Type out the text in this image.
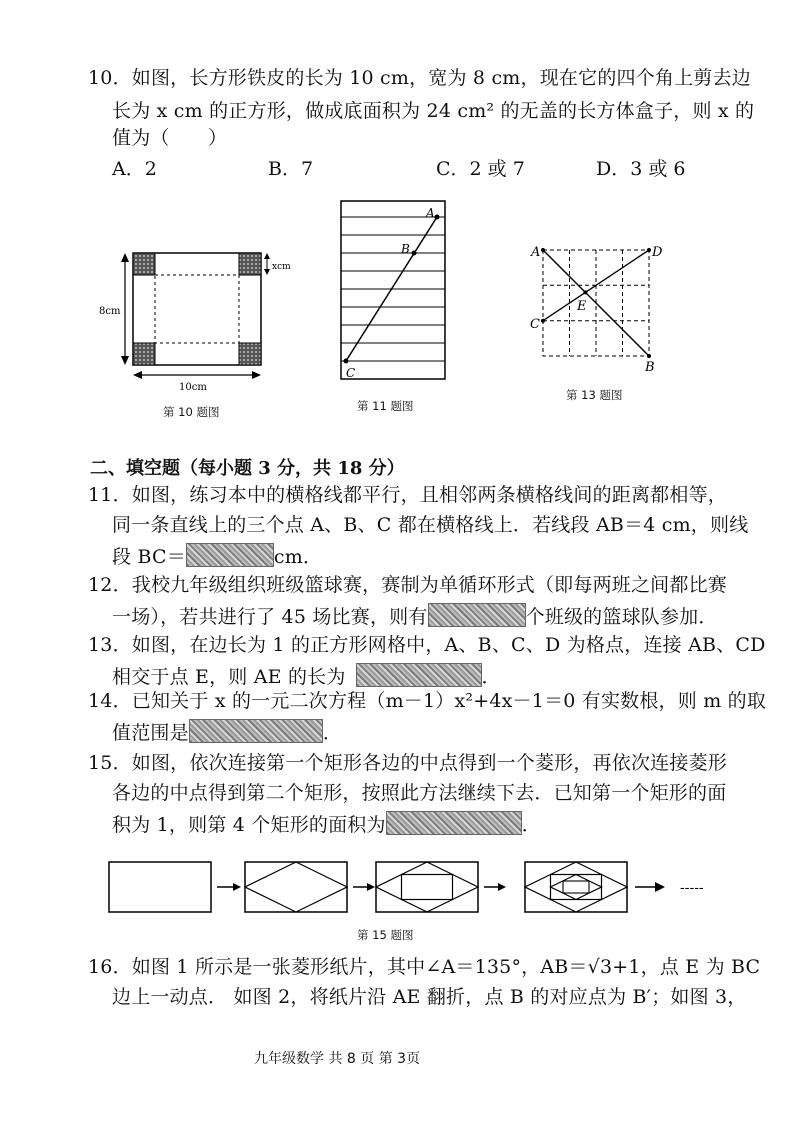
10．如图，长方形铁皮的长为 10 cm，宽为 8 cm，现在它的四个角上剪去边
长为 x cm 的正方形，做成底面积为 24 cm² 的无盖的长方体盒子，则 x 的
值为（　　）
A．2	B．7	C．2 或 7	D．3 或 6
8cm
10cm
xcm
第 10 题图
A
B
C
第 11 题图
A	D
E
C
B
第 13 题图
二、填空题（每小题 3 分，共 18 分）
11．如图，练习本中的横格线都平行，且相邻两条横格线间的距离都相等，
同一条直线上的三个点 A、B、C 都在横格线上．若线段 AB＝4 cm，则线
段 BC＝	cm．
12．我校九年级组织班级篮球赛，赛制为单循环形式（即每两班之间都比赛
一场），若共进行了 45 场比赛，则有	个班级的篮球队参加．
13．如图，在边长为 1 的正方形网格中，A、B、C、D 为格点，连接 AB、CD
相交于点 E，则 AE 的长为	．
14．已知关于 x 的一元二次方程（m－1）x²+4x－1＝0 有实数根，则 m 的取
值范围是	．
15．如图，依次连接第一个矩形各边的中点得到一个菱形，再依次连接菱形
各边的中点得到第二个矩形，按照此方法继续下去．已知第一个矩形的面
积为 1，则第 4 个矩形的面积为	．
-----
第 15 题图
16．如图 1 所示是一张菱形纸片，其中∠A＝135°，AB＝√3+1，点 E 为 BC
边上一动点． 如图 2，将纸片沿 AE 翻折，点 B 的对应点为 B′；如图 3，
九年级数学 共 8 页 第 3页
